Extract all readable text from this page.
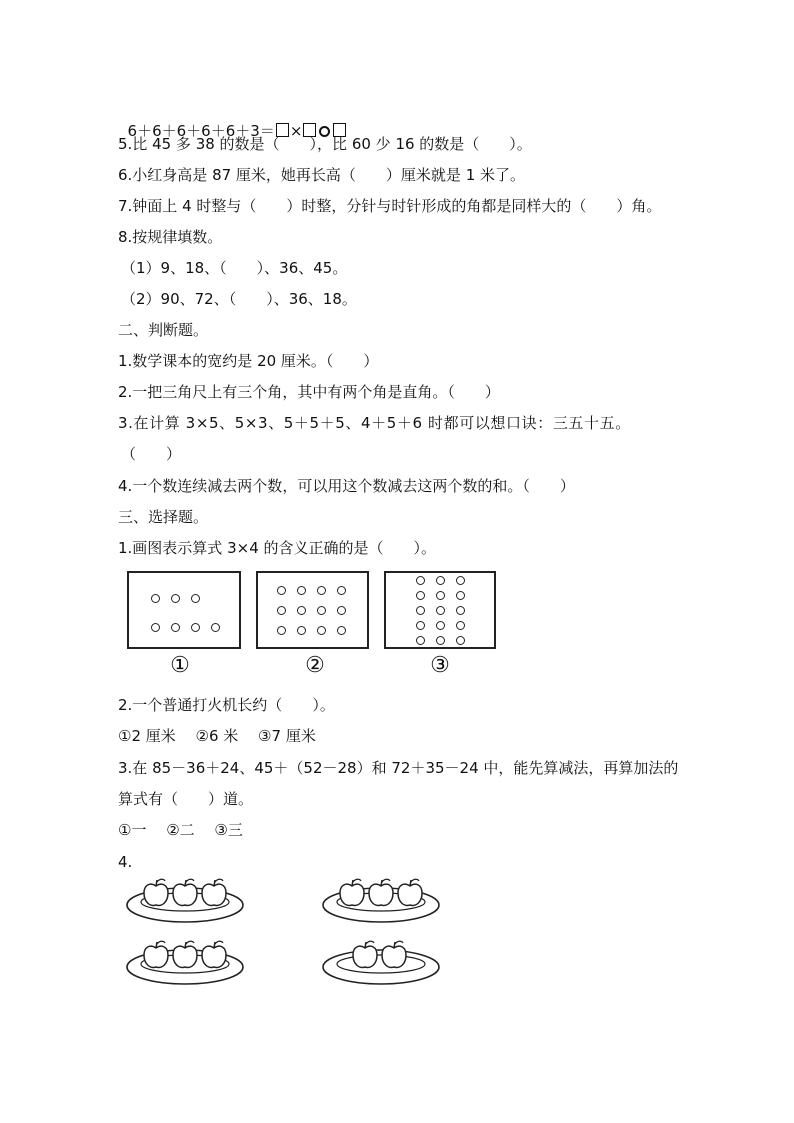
6＋6＋6＋6＋6＋3＝ ×

5.比 45 多 38 的数是（　　），比 60 少 16 的数是（　　）。
6.小红身高是 87 厘米，她再长高（　　）厘米就是 1 米了。
7.钟面上 4 时整与（　　）时整，分针与时针形成的角都是同样大的（　　）角。
8.按规律填数。
（1）9、18、（　　）、36、45。
（2）90、72、（　　）、36、18。
二、判断题。
1.数学课本的宽约是 20 厘米。（　　）
2.一把三角尺上有三个角，其中有两个角是直角。（　　）
3.在计算 3×5、5×3、5＋5＋5、4＋5＋6 时都可以想口诀：三五十五。
（　　）
4.一个数连续减去两个数，可以用这个数减去这两个数的和。（　　）
三、选择题。
1.画图表示算式 3×4 的含义正确的是（　　）。
①	②	③
2.一个普通打火机长约（　　）。
①2 厘米　 ②6 米　 ③7 厘米
3.在 85－36＋24、45＋（52－28）和 72＋35－24 中，能先算减法，再算加法的
算式有（　　）道。
①一　 ②二　 ③三
4.
